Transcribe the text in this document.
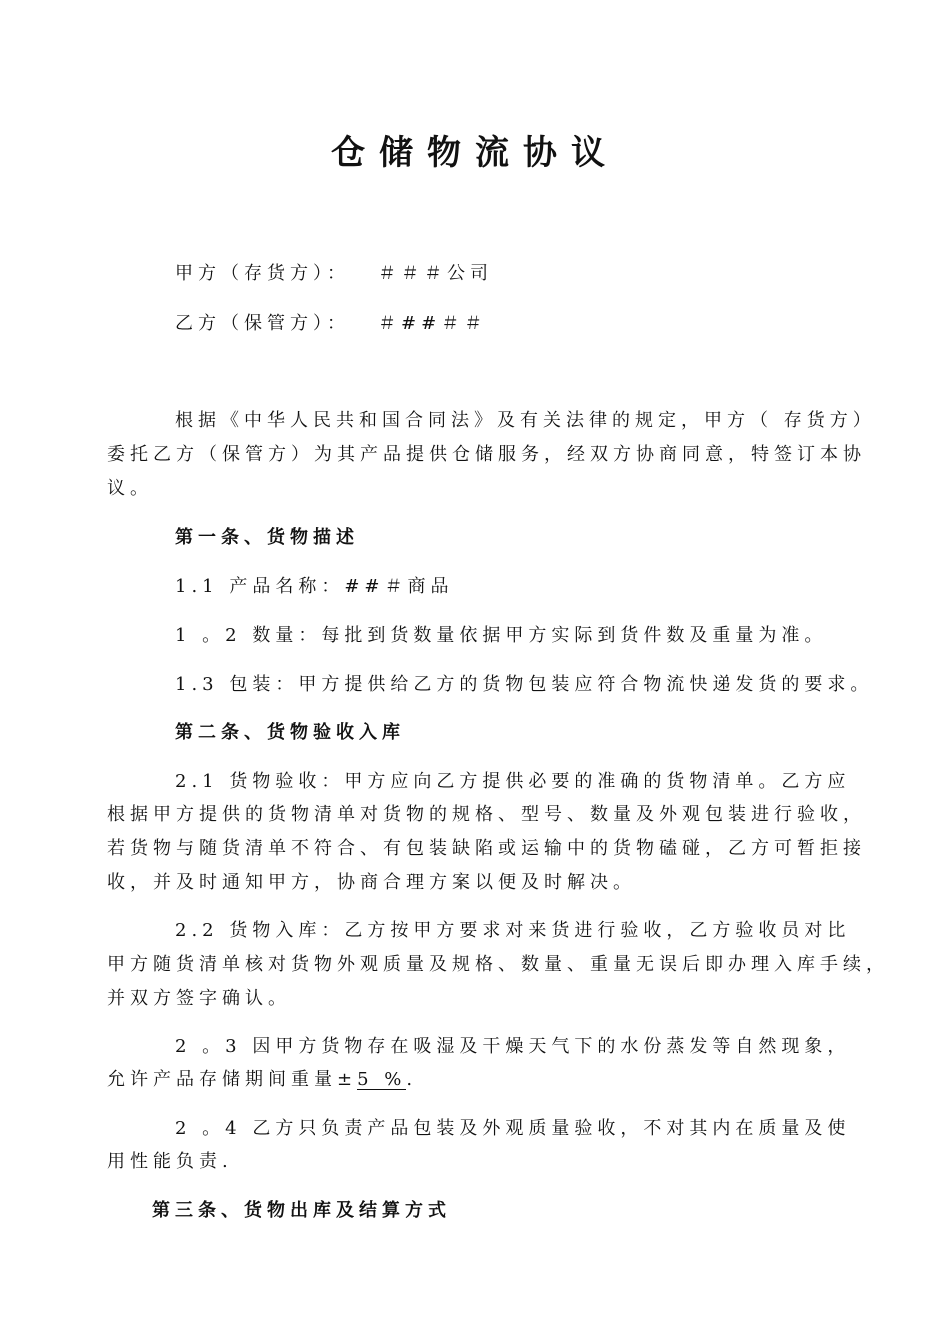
仓储物流协议
甲方（存货方）： ＃＃＃公司
乙方（保管方）： ＃##＃＃
根据《中华人民共和国合同法》及有关法律的规定，甲方（ 存货方）
委托乙方（保管方）为其产品提供仓储服务，经双方协商同意，特签订本协
议。
第一条、货物描述
1.1 产品名称：##＃商品
1 。2 数量：每批到货数量依据甲方实际到货件数及重量为准。
1.3 包装：甲方提供给乙方的货物包装应符合物流快递发货的要求。
第二条、货物验收入库
2.1 货物验收：甲方应向乙方提供必要的准确的货物清单。乙方应
根据甲方提供的货物清单对货物的规格、型号、数量及外观包装进行验收，
若货物与随货清单不符合、有包装缺陷或运输中的货物磕碰，乙方可暂拒接
收，并及时通知甲方，协商合理方案以便及时解决。
2.2 货物入库：乙方按甲方要求对来货进行验收，乙方验收员对比
甲方随货清单核对货物外观质量及规格、数量、重量无误后即办理入库手续，
并双方签字确认。
2 。3 因甲方货物存在吸湿及干燥天气下的水份蒸发等自然现象，
允许产品存储期间重量±5 %.
2 。4 乙方只负责产品包装及外观质量验收，不对其内在质量及使
用性能负责.
第三条、货物出库及结算方式
